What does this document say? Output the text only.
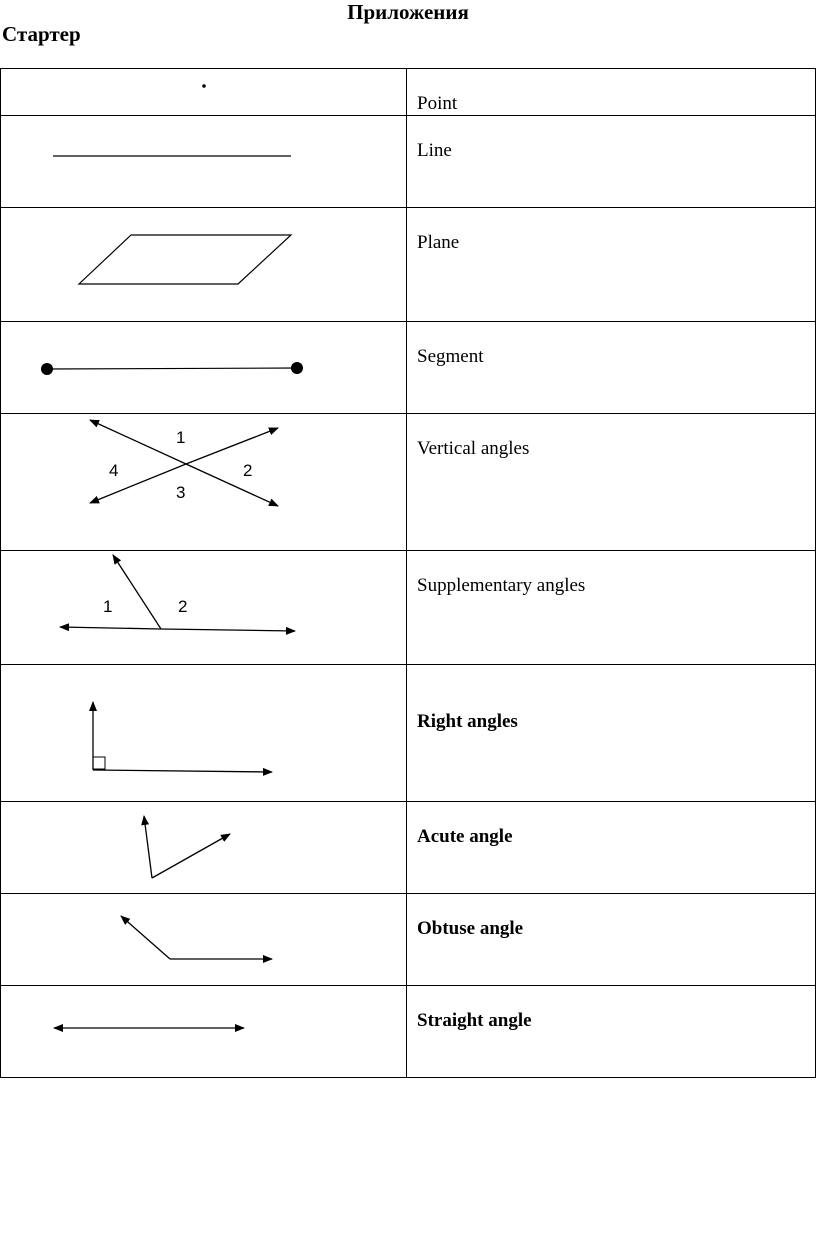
Приложения
Стартер
	Point

	Line

	Plane

	Segment

1
2
3
4	Vertical angles

1 2	Supplementary angles

	Right angles

	Acute angle

	Obtuse angle

	Straight angle
